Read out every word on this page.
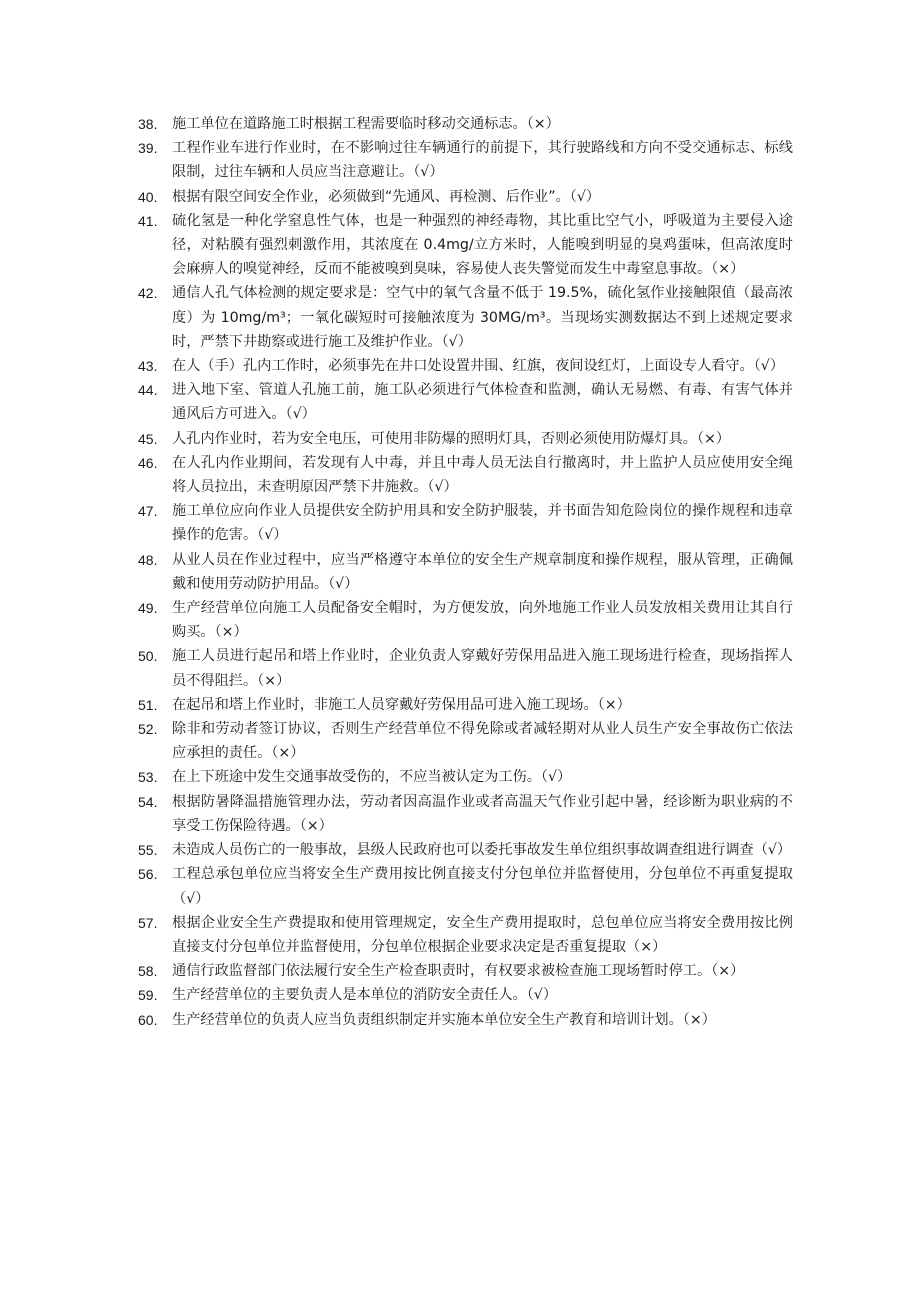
38.	施工单位在道路施工时根据工程需要临时移动交通标志。（×）
39.	工程作业车进行作业时，在不影响过往车辆通行的前提下，其行驶路线和方向不受交通标志、标线限制，过往车辆和人员应当注意避让。（√）
40.	根据有限空间安全作业，必须做到“先通风、再检测、后作业”。（√）
41.	硫化氢是一种化学窒息性气体，也是一种强烈的神经毒物，其比重比空气小，呼吸道为主要侵入途径，对粘膜有强烈刺激作用，其浓度在 0.4mg/立方米时，人能嗅到明显的臭鸡蛋味，但高浓度时会麻痹人的嗅觉神经，反而不能被嗅到臭味，容易使人丧失警觉而发生中毒窒息事故。（×）
42.	通信人孔气体检测的规定要求是：空气中的氧气含量不低于 19.5%，硫化氢作业接触限值（最高浓度）为 10mg/m³；一氧化碳短时可接触浓度为 30MG/m³。当现场实测数据达不到上述规定要求时，严禁下井勘察或进行施工及维护作业。（√）
43.	在人（手）孔内工作时，必须事先在井口处设置井围、红旗，夜间设红灯，上面设专人看守。（√）
44.	进入地下室、管道人孔施工前，施工队必须进行气体检查和监测，确认无易燃、有毒、有害气体并通风后方可进入。（√）
45.	人孔内作业时，若为安全电压，可使用非防爆的照明灯具，否则必须使用防爆灯具。（×）
46.	在人孔内作业期间，若发现有人中毒，并且中毒人员无法自行撤离时，井上监护人员应使用安全绳将人员拉出，未查明原因严禁下井施救。（√）
47.	施工单位应向作业人员提供安全防护用具和安全防护服装，并书面告知危险岗位的操作规程和违章操作的危害。（√）
48.	从业人员在作业过程中，应当严格遵守本单位的安全生产规章制度和操作规程，服从管理，正确佩戴和使用劳动防护用品。（√）
49.	生产经营单位向施工人员配备安全帽时，为方便发放，向外地施工作业人员发放相关费用让其自行购买。（×）
50.	施工人员进行起吊和塔上作业时，企业负责人穿戴好劳保用品进入施工现场进行检查，现场指挥人员不得阻拦。（×）
51.	在起吊和塔上作业时，非施工人员穿戴好劳保用品可进入施工现场。（×）
52.	除非和劳动者签订协议，否则生产经营单位不得免除或者减轻期对从业人员生产安全事故伤亡依法应承担的责任。（×）
53.	在上下班途中发生交通事故受伤的，不应当被认定为工伤。（√）
54.	根据防暑降温措施管理办法，劳动者因高温作业或者高温天气作业引起中暑，经诊断为职业病的不享受工伤保险待遇。（×）
55.	未造成人员伤亡的一般事故，县级人民政府也可以委托事故发生单位组织事故调查组进行调查（√）
56.	工程总承包单位应当将安全生产费用按比例直接支付分包单位并监督使用，分包单位不再重复提取（√）
57.	根据企业安全生产费提取和使用管理规定，安全生产费用提取时，总包单位应当将安全费用按比例直接支付分包单位并监督使用，分包单位根据企业要求决定是否重复提取（×）
58.	通信行政监督部门依法履行安全生产检查职责时，有权要求被检查施工现场暂时停工。（×）
59.	生产经营单位的主要负责人是本单位的消防安全责任人。（√）
60.	生产经营单位的负责人应当负责组织制定并实施本单位安全生产教育和培训计划。（×）
